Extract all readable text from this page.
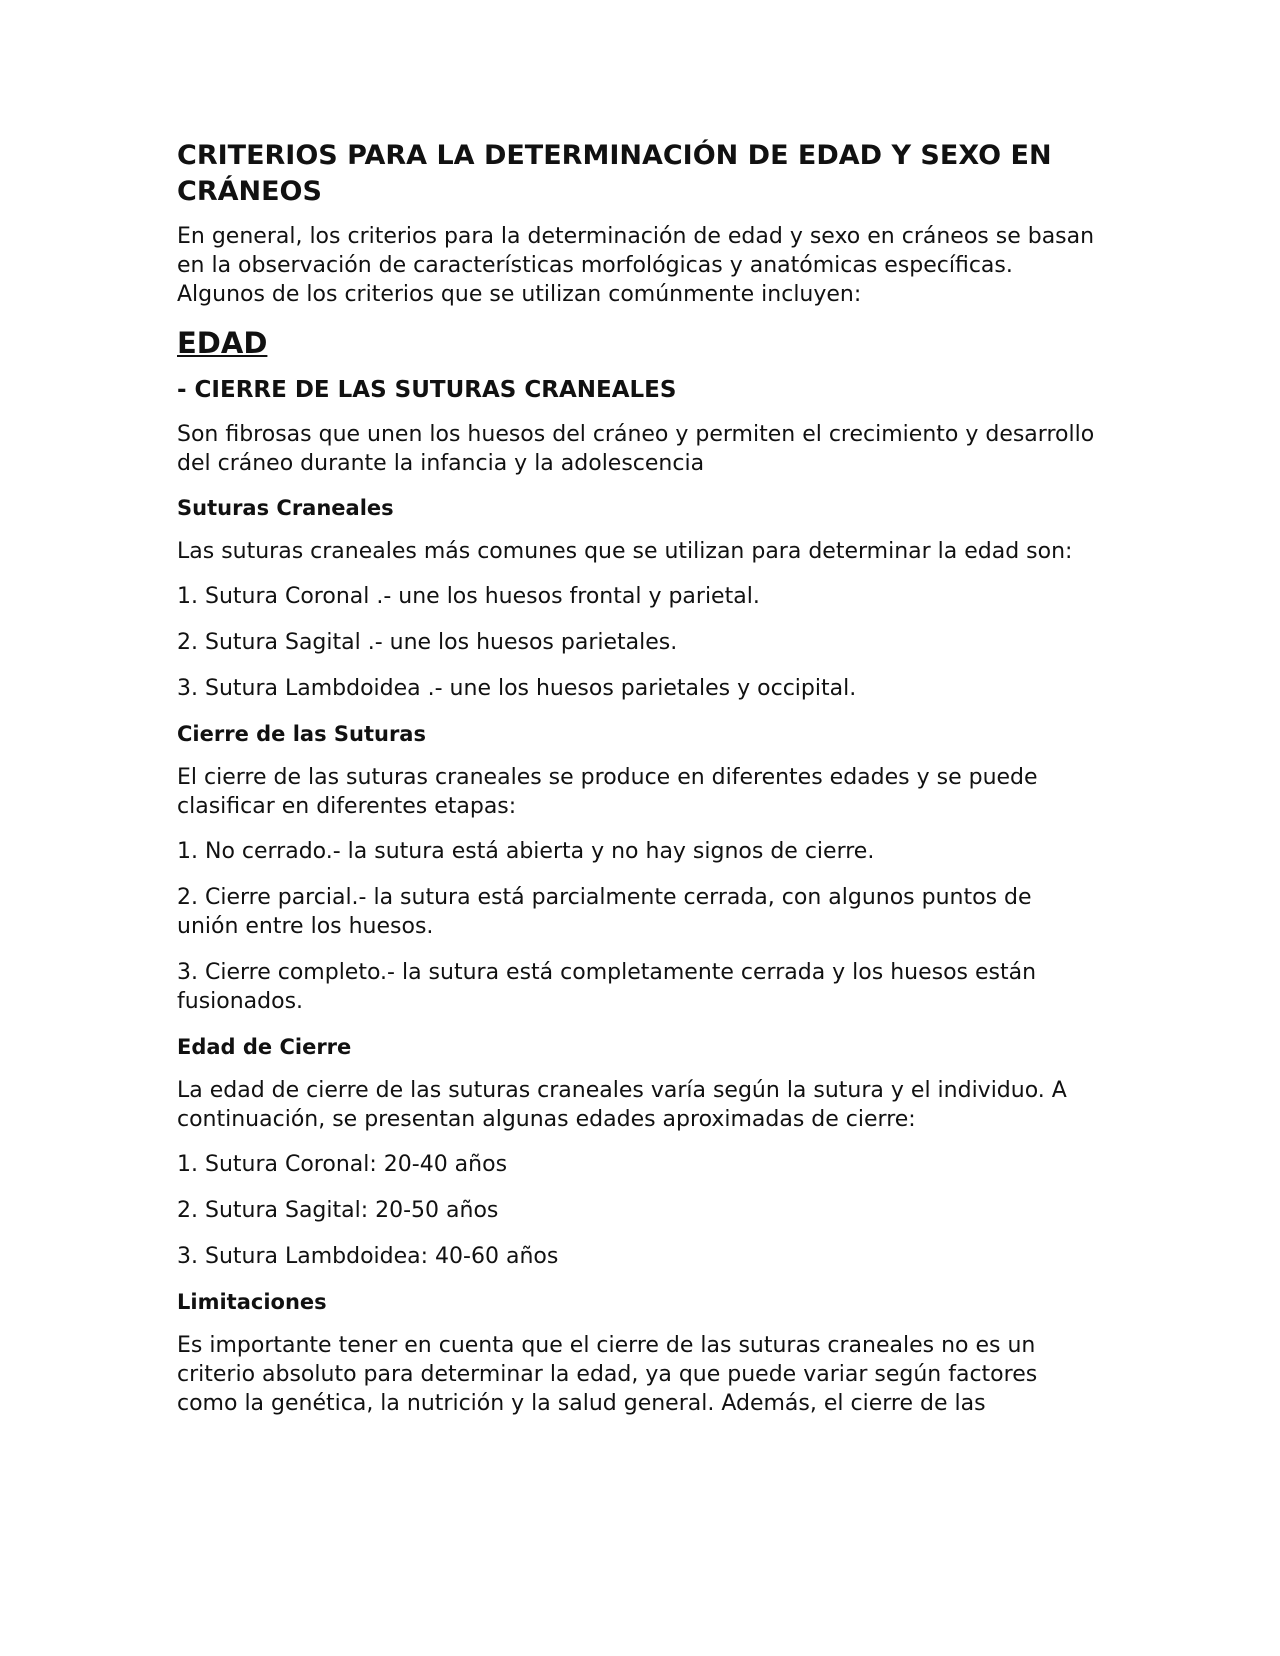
CRITERIOS PARA LA DETERMINACIÓN DE EDAD Y SEXO EN CRÁNEOS

En general, los criterios para la determinación de edad y sexo en cráneos se basan en la observación de características morfológicas y anatómicas específicas. Algunos de los criterios que se utilizan comúnmente incluyen:

EDAD
- CIERRE DE LAS SUTURAS CRANEALES

Son fibrosas que unen los huesos del cráneo y permiten el crecimiento y desarrollo del cráneo durante la infancia y la adolescencia

Suturas Craneales

Las suturas craneales más comunes que se utilizan para determinar la edad son:

1. Sutura Coronal .- une los huesos frontal y parietal.

2. Sutura Sagital .- une los huesos parietales.

3. Sutura Lambdoidea .- une los huesos parietales y occipital.

Cierre de las Suturas

El cierre de las suturas craneales se produce en diferentes edades y se puede clasificar en diferentes etapas:

1. No cerrado.- la sutura está abierta y no hay signos de cierre.

2. Cierre parcial.- la sutura está parcialmente cerrada, con algunos puntos de unión entre los huesos.

3. Cierre completo.- la sutura está completamente cerrada y los huesos están fusionados.

Edad de Cierre

La edad de cierre de las suturas craneales varía según la sutura y el individuo. A continuación, se presentan algunas edades aproximadas de cierre:

1. Sutura Coronal: 20-40 años

2. Sutura Sagital: 20-50 años

3. Sutura Lambdoidea: 40-60 años

Limitaciones

Es importante tener en cuenta que el cierre de las suturas craneales no es un criterio absoluto para determinar la edad, ya que puede variar según factores como la genética, la nutrición y la salud general. Además, el cierre de las
